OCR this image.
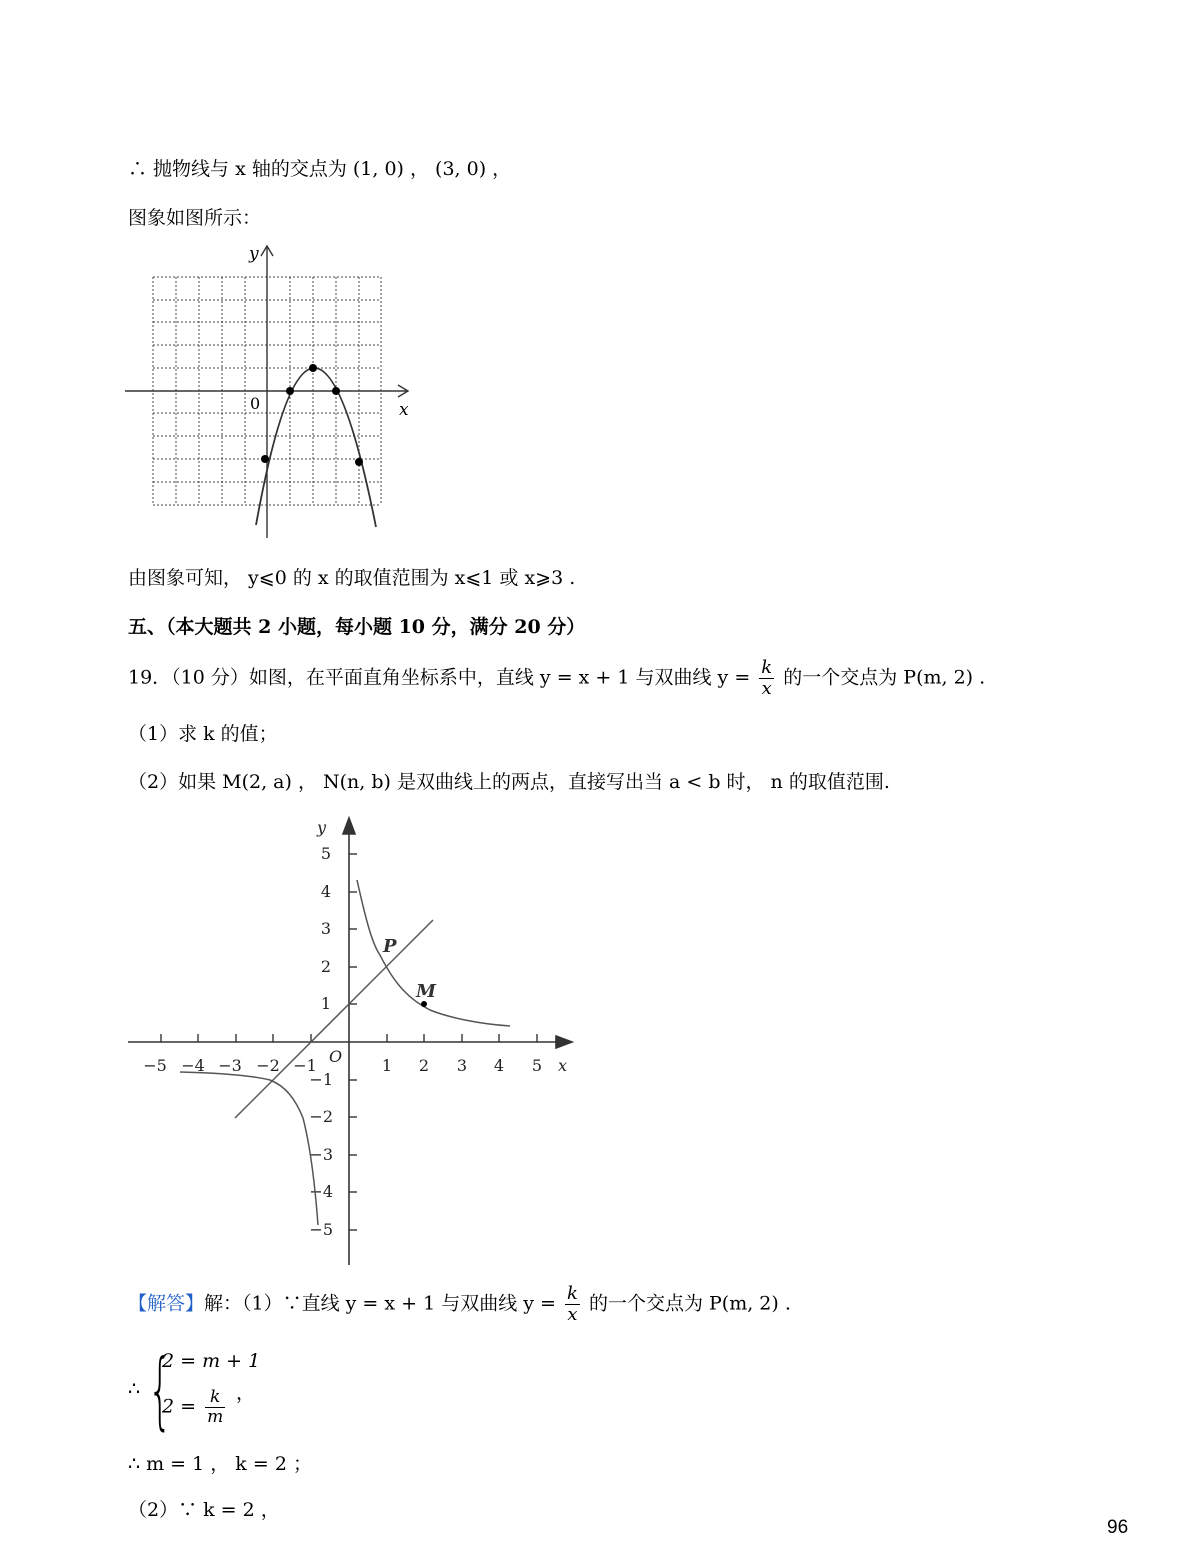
∴ 抛物线与 x 轴的交点为 (1, 0) ， (3, 0) ，
图象如图所示：
y
x
0
由图象可知， y⩽0 的 x 的取值范围为 x⩽1 或 x⩾3 .
五、（本大题共 2 小题，每小题 10 分，满分 20 分）
19．（10 分）如图，在平面直角坐标系中，直线 y = x + 1 与双曲线 $y = \frac{k}{x}$ 的一个交点为 P(m, 2) .
（1）求 k 的值；
（2）如果 M(2, a) ， N(n, b) 是双曲线上的两点，直接写出当 a < b 时， n 的取值范围.
−5 −4 −3 −2 −1	1 2 3 4 5
5
4
3
2
1
−1
−2
−3
−4
−5
P
M
O	x
y
【解答】解：（1）∵直线 y = x + 1 与双曲线 $y = \frac{k}{x}$ 的一个交点为 P(m, 2) .
∴ {
2 = m + 1
$2 = \frac{k}{m}$ ，
∴ m = 1 ， k = 2 ；
（2）∵ k = 2 ，
96
